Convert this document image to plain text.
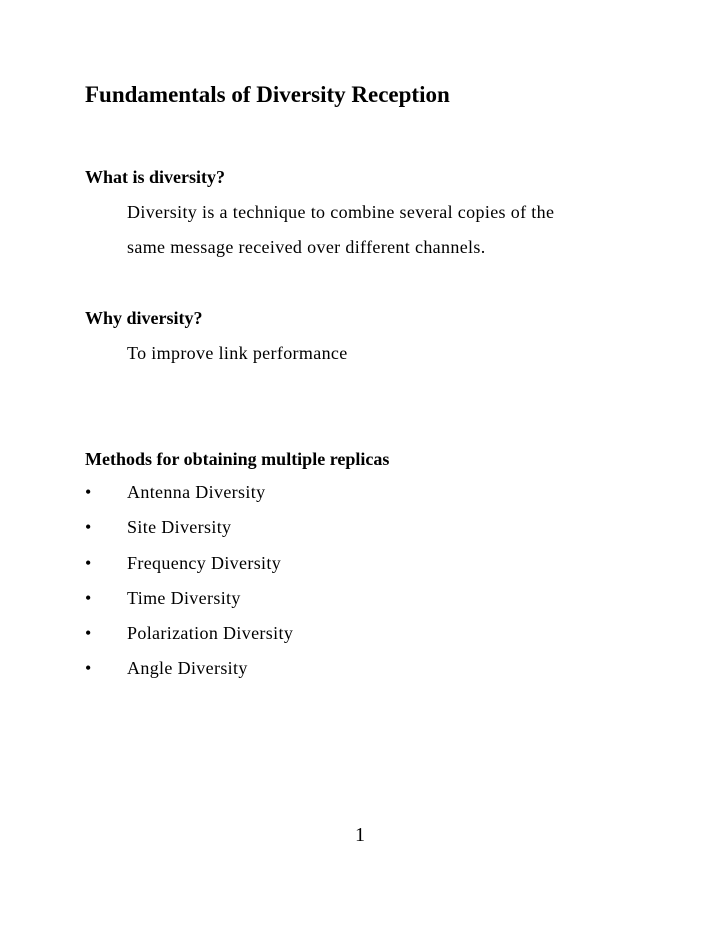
Fundamentals of Diversity Reception
What is diversity?
Diversity is a technique to combine several copies of the
same message received over different channels.
Why diversity?
To improve link performance
Methods for obtaining multiple replicas
• Antenna Diversity
• Site Diversity
• Frequency Diversity
• Time Diversity
• Polarization Diversity
• Angle Diversity
1
